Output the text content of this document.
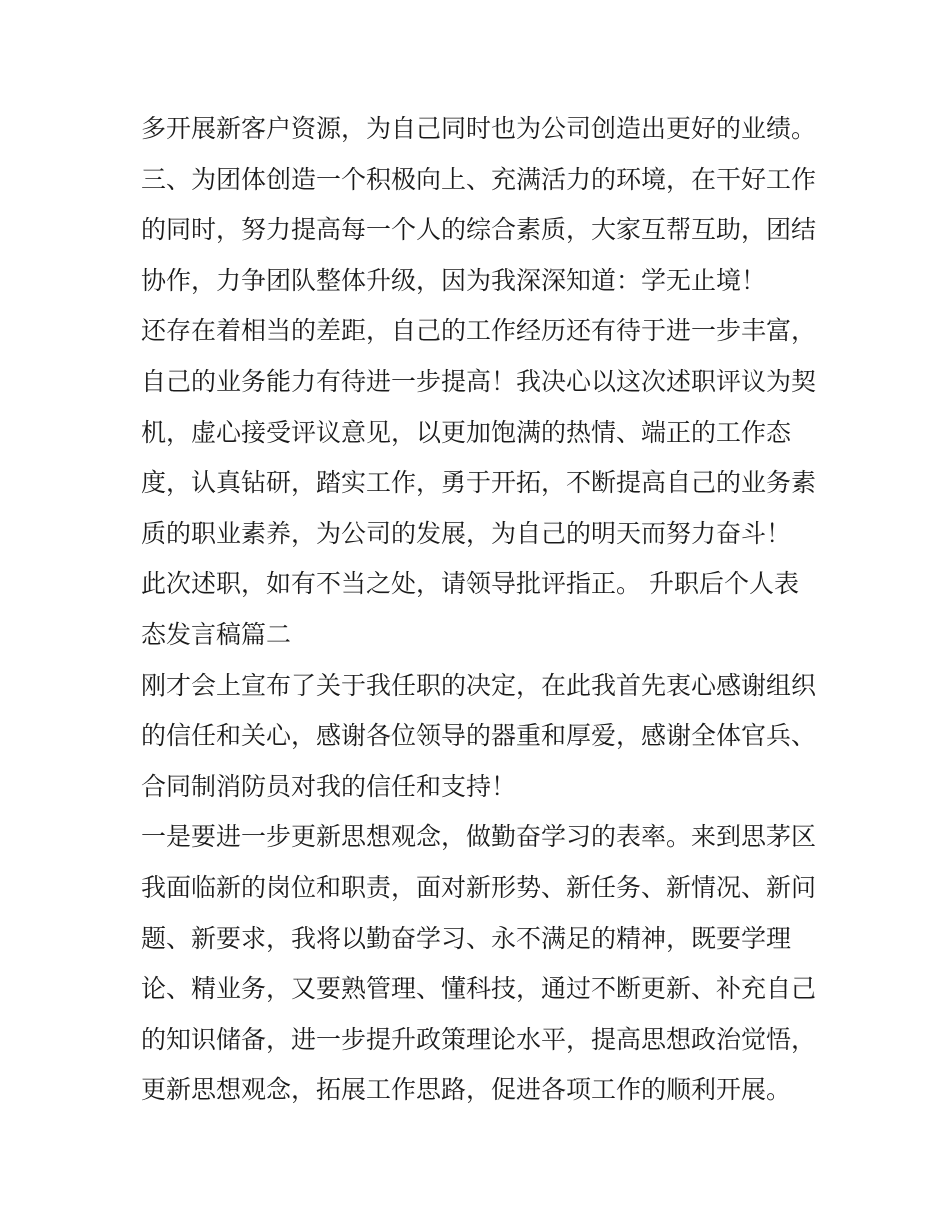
多开展新客户资源，为自己同时也为公司创造出更好的业绩。
三、为团体创造一个积极向上、充满活力的环境，在干好工作
的同时，努力提高每一个人的综合素质，大家互帮互助，团结
协作，力争团队整体升级，因为我深深知道：学无止境！
还存在着相当的差距，自己的工作经历还有待于进一步丰富，
自己的业务能力有待进一步提高！我决心以这次述职评议为契
机，虚心接受评议意见，以更加饱满的热情、端正的工作态
度，认真钻研，踏实工作，勇于开拓，不断提高自己的业务素
质的职业素养，为公司的发展，为自己的明天而努力奋斗！
此次述职，如有不当之处，请领导批评指正。 升职后个人表
态发言稿篇二
刚才会上宣布了关于我任职的决定，在此我首先衷心感谢组织
的信任和关心，感谢各位领导的器重和厚爱，感谢全体官兵、
合同制消防员对我的信任和支持！
一是要进一步更新思想观念，做勤奋学习的表率。来到思茅区
我面临新的岗位和职责，面对新形势、新任务、新情况、新问
题、新要求，我将以勤奋学习、永不满足的精神，既要学理
论、精业务，又要熟管理、懂科技，通过不断更新、补充自己
的知识储备，进一步提升政策理论水平，提高思想政治觉悟，
更新思想观念，拓展工作思路，促进各项工作的顺利开展。
